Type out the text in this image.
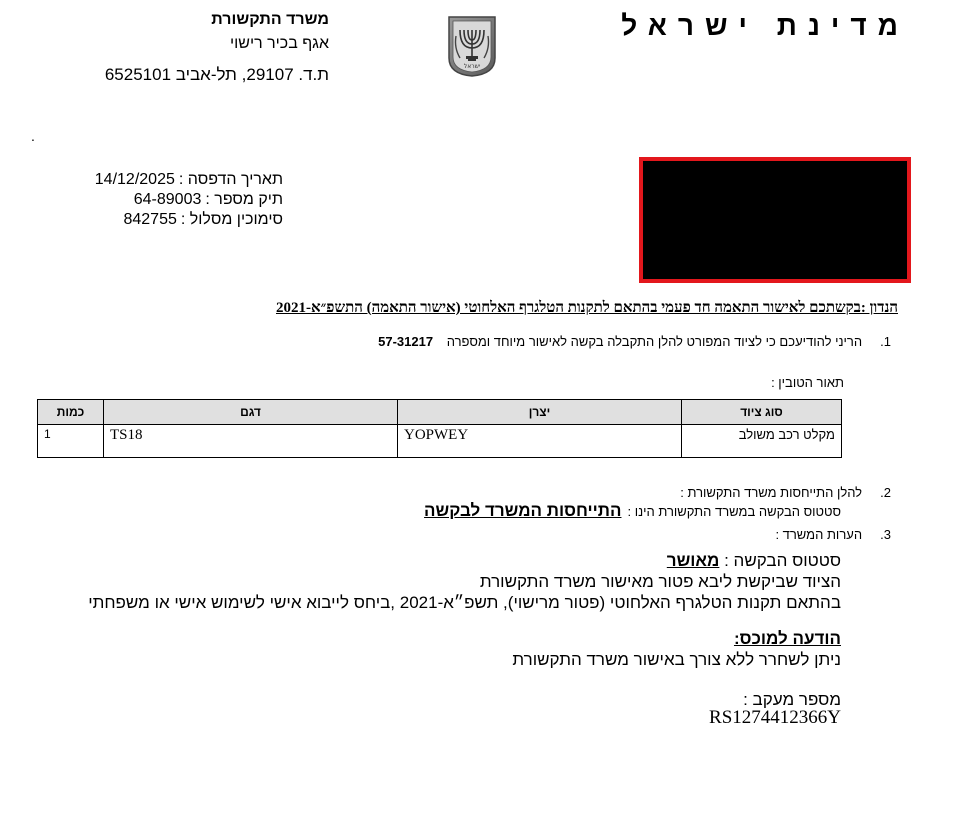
מדינת ישראל
ישראל
משרד התקשורת
אגף בכיר רישוי
ת.ד. 29107, תל-אביב 6525101
.
תאריך הדפסה :
14/12/2025
תיק מספר :
64-89003
סימוכין מסלול :
842755
הנדון :בקשתכם לאישור התאמה חד פעמי בהתאם לתקנות הטלגרף האלחוטי (אישור התאמה) התשפ״א-2021
1.     הריני להודיעכם כי לציוד המפורט להלן התקבלה בקשה לאישור מיוחד ומספרה 57-31217
תאור הטובין :
סוג ציוד	יצרן	דגם	כמות
מקלט רכב משולב	YOPWEY	TS18	1
2.     להלן התייחסות משרד התקשורת :
סטטוס הבקשה במשרד התקשורת הינו :
התייחסות המשרד לבקשה
3.     הערות המשרד :
סטטוס הבקשה : מאושר
הציוד שביקשת ליבא פטור מאישור משרד התקשורת
בהתאם תקנות הטלגרף האלחוטי (פטור מרישוי), תשפ״א-2021 ,ביחס לייבוא אישי לשימוש אישי או משפחתי
הודעה למוכס:
ניתן לשחרר ללא צורך באישור משרד התקשורת
מספר מעקב :
RS1274412366Y
